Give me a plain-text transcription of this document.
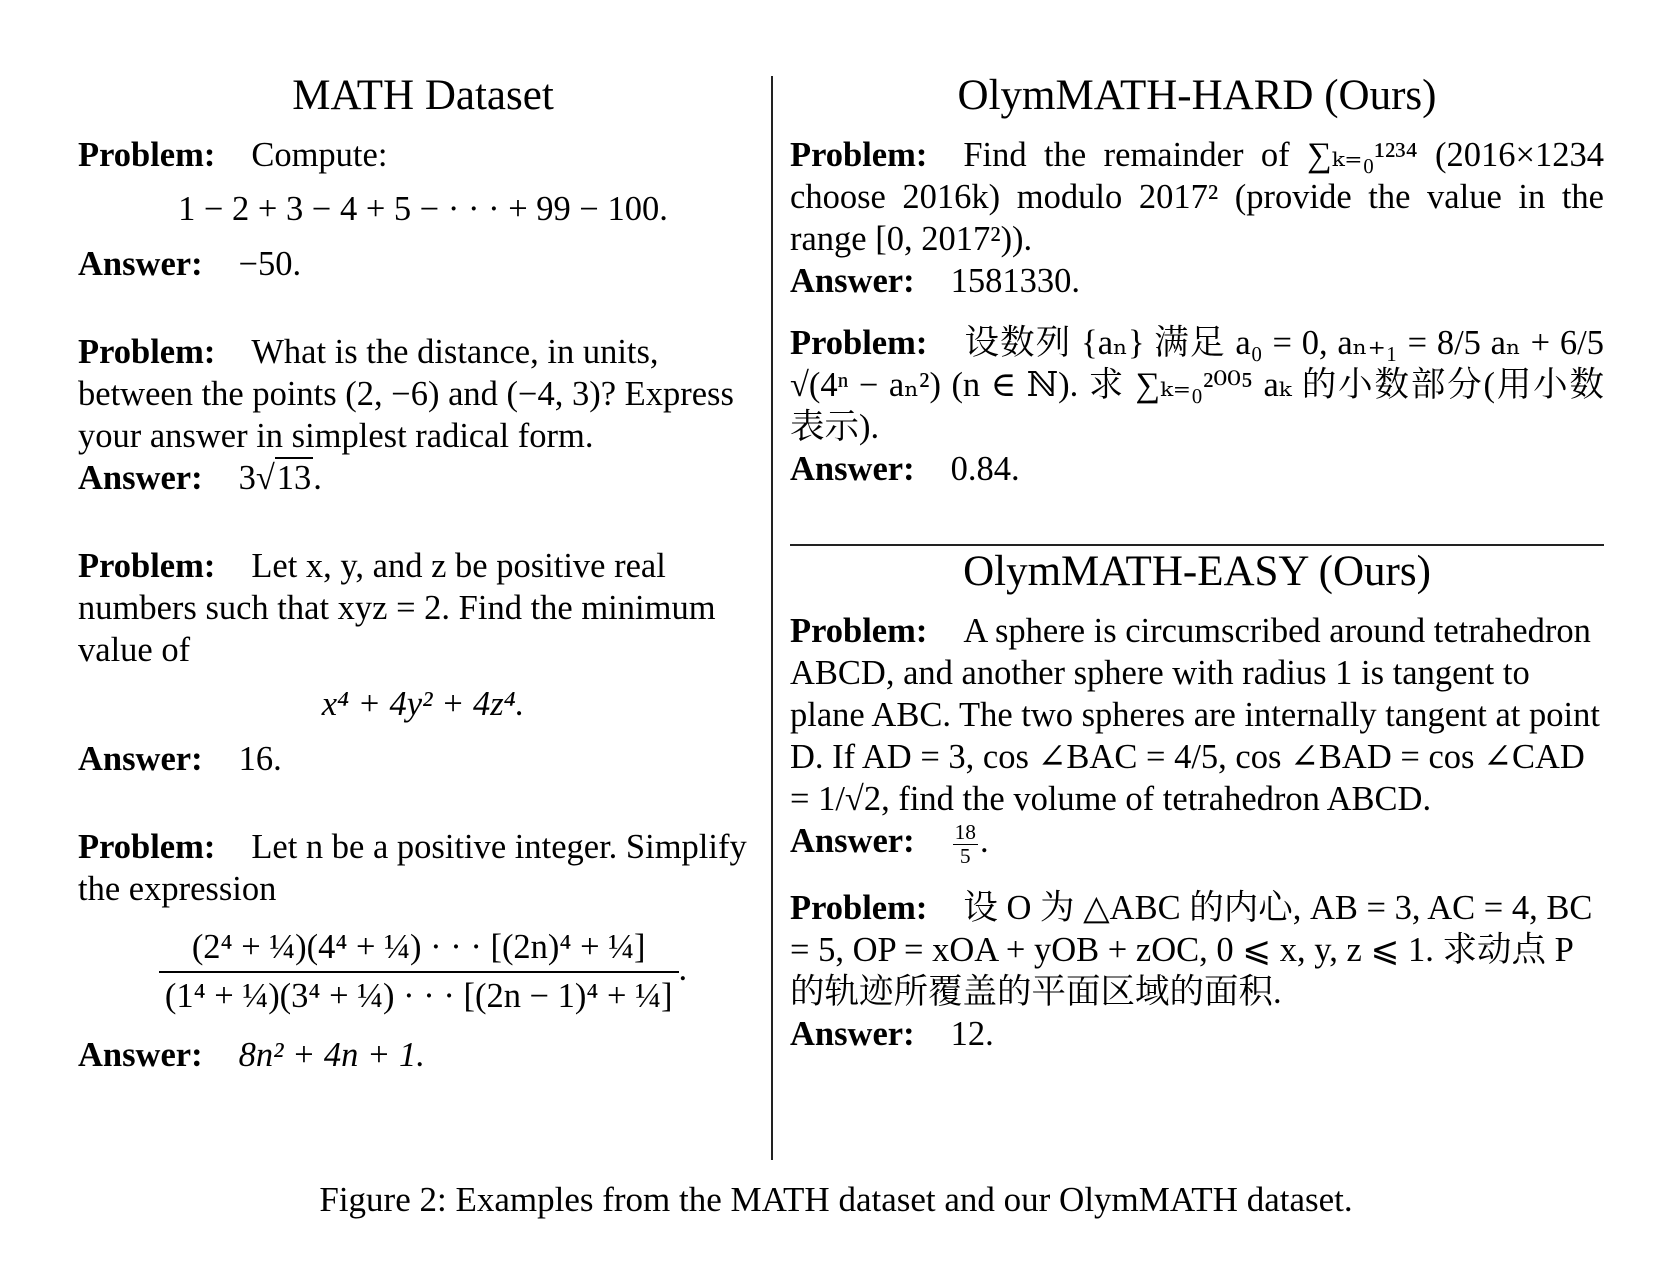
MATH Dataset
Problem: Compute:
1 − 2 + 3 − 4 + 5 − · · · + 99 − 100.
Answer: −50.
Problem: What is the distance, in units, between the points (2, −6) and (−4, 3)? Express your answer in simplest radical form.
Answer: 3√13.
Problem: Let x, y, and z be positive real numbers such that xyz = 2. Find the minimum value of
x⁴ + 4y² + 4z⁴.
Answer: 16.
Problem: Let n be a positive integer. Simplify the expression
$\frac{\text{(2⁴ + ¼)(4⁴ + ¼) · · · [(2n)⁴ + ¼]}}{\text{(1⁴ + ¼)(3⁴ + ¼) · · · [(2n − 1)⁴ + ¼]}}$ .
Answer: 8n² + 4n + 1.
OlymMATH-HARD (Ours)
Problem: Find the remainder of ∑ₖ₌₀¹²³⁴ (2016×1234 choose 2016k) modulo 2017² (provide the value in the range [0, 2017²)).
Answer: 1581330.
Problem: 设数列 {aₙ} 满足 a₀ = 0, aₙ₊₁ = 8/5 aₙ + 6/5 √(4ⁿ − aₙ²) (n ∈ ℕ). 求 ∑ₖ₌₀²⁰⁰⁵ aₖ 的小数部分(用小数表示).
Answer: 0.84.
OlymMATH-EASY (Ours)
Problem: A sphere is circumscribed around tetrahedron ABCD, and another sphere with radius 1 is tangent to plane ABC. The two spheres are internally tangent at point D. If AD = 3, cos ∠BAC = 4/5, cos ∠BAD = cos ∠CAD = 1/√2, find the volume of tetrahedron ABCD.
Answer: $\frac{18}{5}$ .
Problem: 设 O 为 △ABC 的内心, AB = 3, AC = 4, BC = 5, OP = xOA + yOB + zOC, 0 ⩽ x, y, z ⩽ 1. 求动点 P 的轨迹所覆盖的平面区域的面积.
Answer: 12.
Figure 2: Examples from the MATH dataset and our OlymMATH dataset.
